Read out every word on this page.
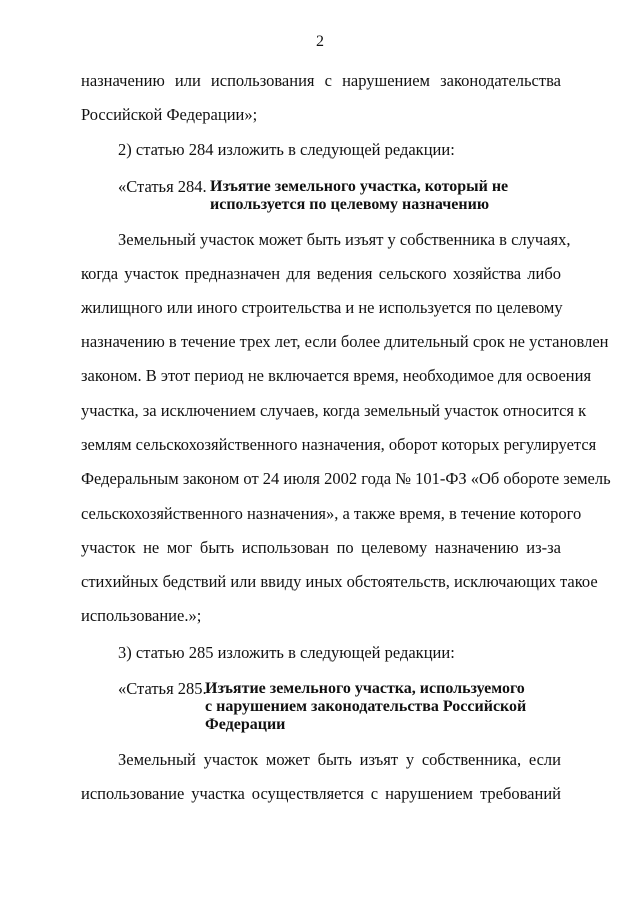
2
назначению или использования с нарушением законодательства
Российской Федерации»;
2) статью 284 изложить в следующей редакции:
«Статья 284. Изъятие земельного участка, который не
используется по целевому назначению
Земельный участок может быть изъят у собственника в случаях,
когда участок предназначен для ведения сельского хозяйства либо
жилищного или иного строительства и не используется по целевому
назначению в течение трех лет, если более длительный срок не установлен
законом. В этот период не включается время, необходимое для освоения
участка, за исключением случаев, когда земельный участок относится к
землям сельскохозяйственного назначения, оборот которых регулируется
Федеральным законом от 24 июля 2002 года № 101-ФЗ «Об обороте земель
сельскохозяйственного назначения», а также время, в течение которого
участок не мог быть использован по целевому назначению из-за
стихийных бедствий или ввиду иных обстоятельств, исключающих такое
использование.»;
3) статью 285 изложить в следующей редакции:
«Статья 285.
Изъятие земельного участка, используемого
с нарушением законодательства Российской
Федерации
Земельный участок может быть изъят у собственника, если
использование участка осуществляется с нарушением требований
